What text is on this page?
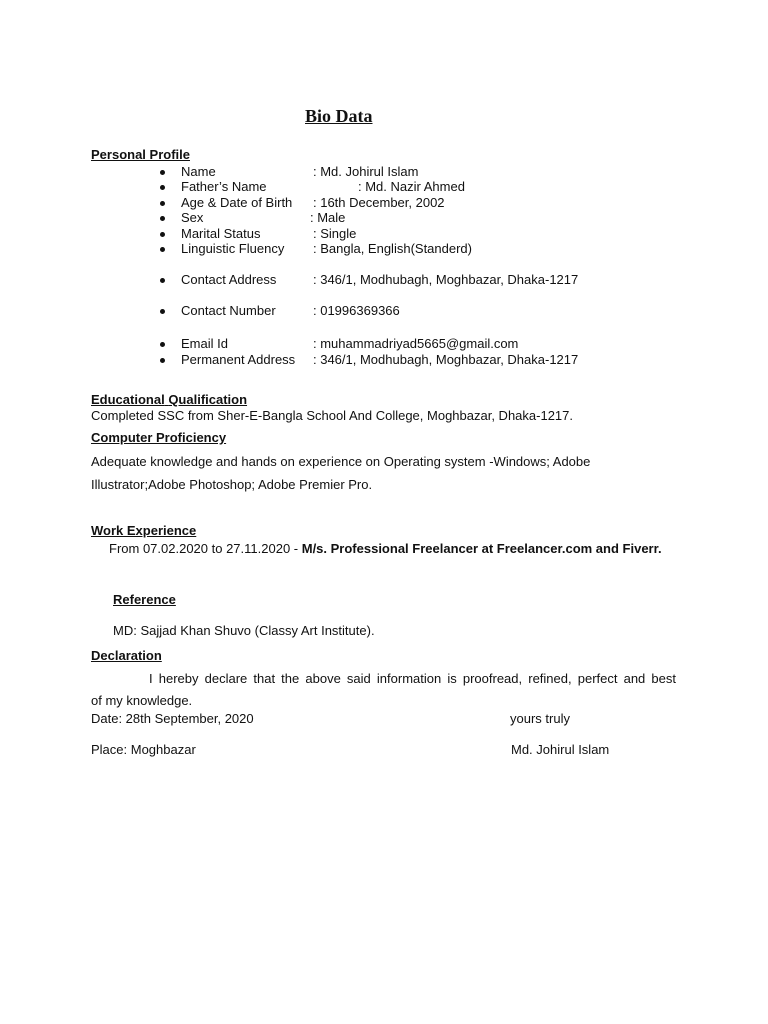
Bio Data
Personal Profile
Name	: Md. Johirul Islam
Father’s Name	: Md. Nazir Ahmed
Age & Date of Birth : 16th December, 2002
Sex	: Male
Marital Status	: Single
Linguistic Fluency : Bangla, English(Standerd)
Contact Address	: 346/1, Modhubagh, Moghbazar, Dhaka-1217
Contact Number	: 01996369366
Email Id	: muhammadriyad5665@gmail.com
Permanent Address : 346/1, Modhubagh, Moghbazar, Dhaka-1217
Educational Qualification
Completed SSC from Sher-E-Bangla School And College, Moghbazar, Dhaka-1217.
Computer Proficiency
Adequate knowledge and hands on experience on Operating system -Windows; Adobe
Illustrator;Adobe Photoshop; Adobe Premier Pro.
Work Experience
From 07.02.2020 to 27.11.2020 - M/s. Professional Freelancer at Freelancer.com and Fiverr.
Reference
MD: Sajjad Khan Shuvo (Classy Art Institute).
Declaration
I hereby declare that the above said information is proofread, refined, perfect and best
of my knowledge.
Date: 28th September, 2020	yours truly
Place: Moghbazar	Md. Johirul Islam
